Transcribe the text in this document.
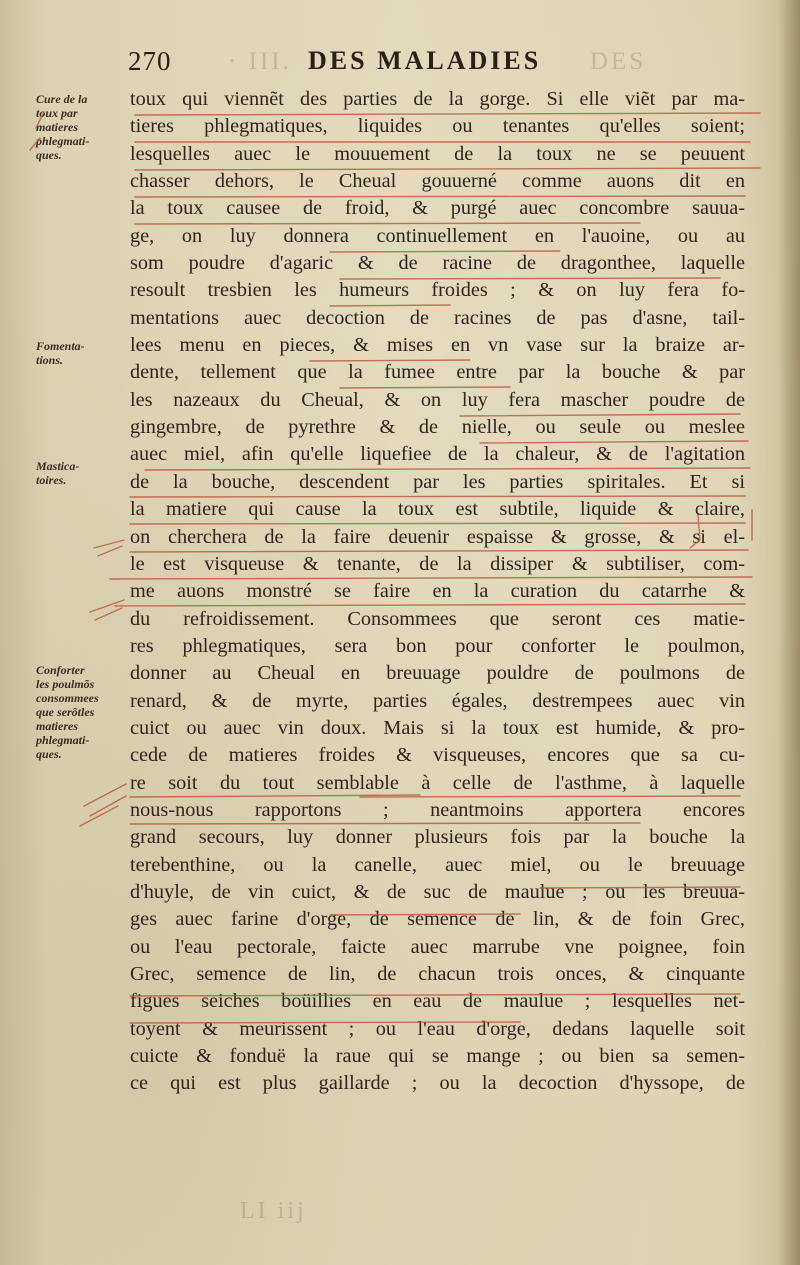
· III.	DES
LI iij
270	DES MALADIES
Cure de la
toux par
matieres
phlegmati-
ques.
Fomenta-
tions.
Mastica-
toires.
Conforter
les poulmõs
consommees
que serõtles
matieres
phlegmati-
ques.
toux qui viennẽt des parties de la gorge. Si elle viẽt par ma-
tieres phlegmatiques, liquides ou tenantes qu'elles soient;
lesquelles auec le mouuement de la toux ne se peuuent
chasser dehors, le Cheual gouuerné comme auons dit en
la toux causee de froid, & purgé auec concombre sauua-
ge, on luy donnera continuellement en l'auoine, ou au
som poudre d'agaric & de racine de dragonthee, laquelle
resoult tresbien les humeurs froides ; & on luy fera fo-
mentations auec decoction de racines de pas d'asne, tail-
lees menu en pieces, & mises en vn vase sur la braize ar-
dente, tellement que la fumee entre par la bouche & par
les nazeaux du Cheual, & on luy fera mascher poudre de
gingembre, de pyrethre & de nielle, ou seule ou meslee
auec miel, afin qu'elle liquefiee de la chaleur, & de l'agitation
de la bouche, descendent par les parties spiritales. Et si
la matiere qui cause la toux est subtile, liquide & claire,
on cherchera de la faire deuenir espaisse & grosse, & si el-
le est visqueuse & tenante, de la dissiper & subtiliser, com-
me auons monstré se faire en la curation du catarrhe &
du refroidissement. Consommees que seront ces matie-
res phlegmatiques, sera bon pour conforter le poulmon,
donner au Cheual en breuuage pouldre de poulmons de
renard, & de myrte, parties égales, destrempees auec vin
cuict ou auec vin doux. Mais si la toux est humide, & pro-
cede de matieres froides & visqueuses, encores que sa cu-
re soit du tout semblable à celle de l'asthme, à laquelle
nous-nous rapportons ; neantmoins apportera encores
grand secours, luy donner plusieurs fois par la bouche la
terebenthine, ou la canelle, auec miel, ou le breuuage
d'huyle, de vin cuict, & de suc de maulue ; ou les breuua-
ges auec farine d'orge, de semence de lin, & de foin Grec,
ou l'eau pectorale, faicte auec marrube vne poignee, foin
Grec, semence de lin, de chacun trois onces, & cinquante
figues seiches boüillies en eau de maulue ; lesquelles net-
toyent & meurissent ; ou l'eau d'orge, dedans laquelle soit
cuicte & fonduë la raue qui se mange ; ou bien sa semen-
ce qui est plus gaillarde ; ou la decoction d'hyssope, de
